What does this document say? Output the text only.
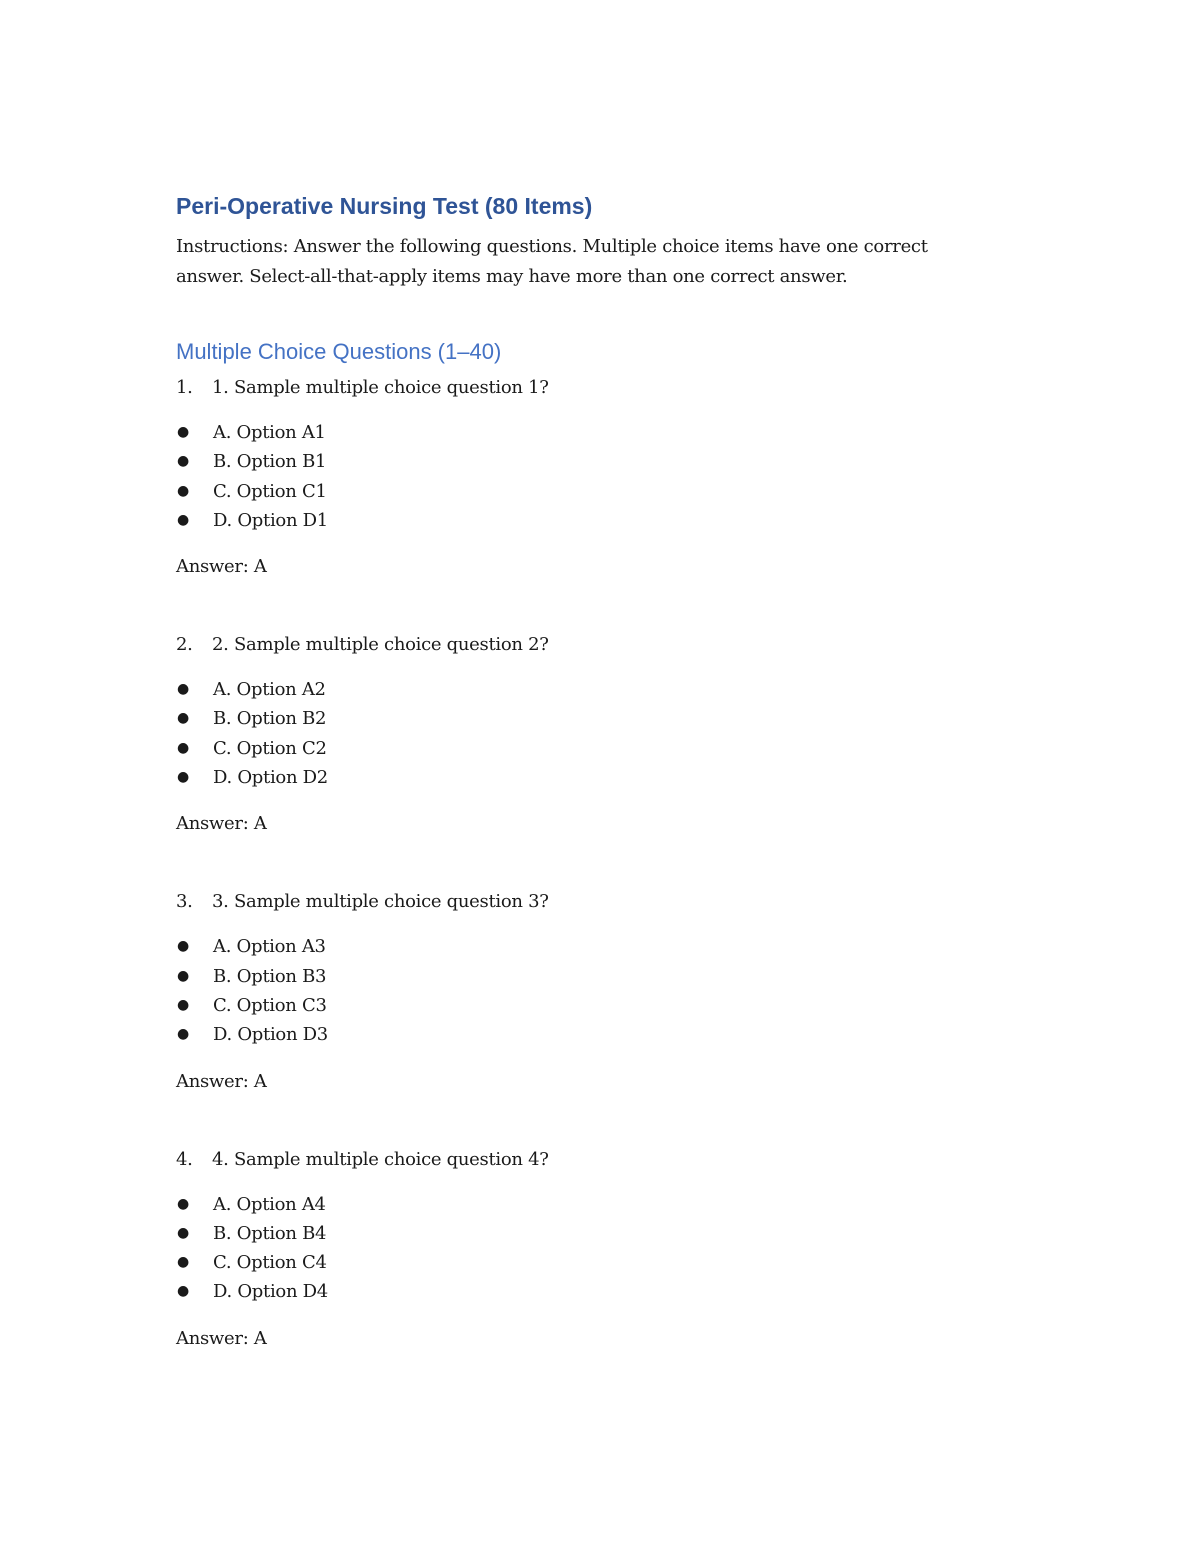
Peri-Operative Nursing Test (80 Items)

Instructions: Answer the following questions. Multiple choice items have one correct answer. Select-all-that-apply items may have more than one correct answer.

Multiple Choice Questions (1–40)
1.	1. Sample multiple choice question 1?
●	A. Option A1
●	B. Option B1
●	C. Option C1
●	D. Option D1

Answer: A

2.	2. Sample multiple choice question 2?
●	A. Option A2
●	B. Option B2
●	C. Option C2
●	D. Option D2

Answer: A

3.	3. Sample multiple choice question 3?
●	A. Option A3
●	B. Option B3
●	C. Option C3
●	D. Option D3

Answer: A

4.	4. Sample multiple choice question 4?
●	A. Option A4
●	B. Option B4
●	C. Option C4
●	D. Option D4

Answer: A
